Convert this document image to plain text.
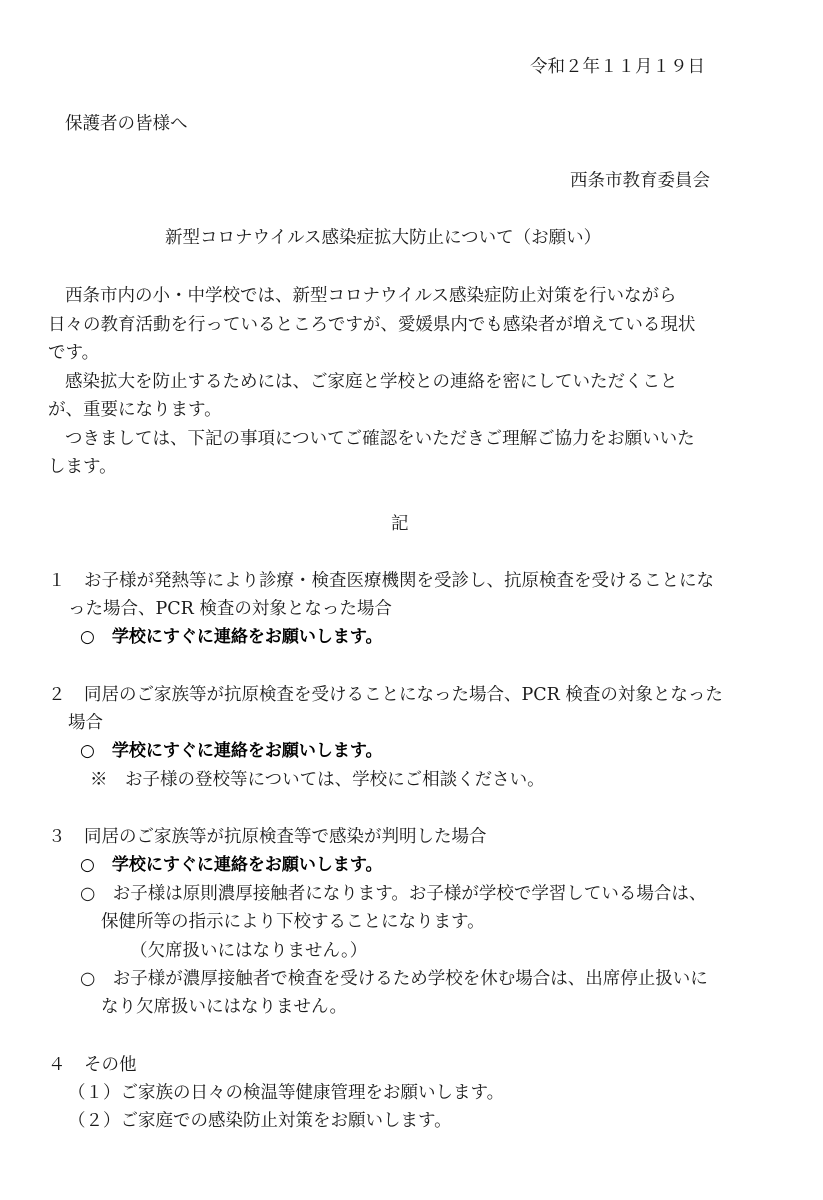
令和２年１１月１９日
保護者の皆様へ
西条市教育委員会
新型コロナウイルス感染症拡大防止について（お願い）
西条市内の小・中学校では、新型コロナウイルス感染症防止対策を行いながら
日々の教育活動を行っているところですが、愛媛県内でも感染者が増えている現状
です。
感染拡大を防止するためには、ご家庭と学校との連絡を密にしていただくこと
が、重要になります。
つきましては、下記の事項についてご確認をいただきご理解ご協力をお願いいた
します。
記
１ お子様が発熱等により診療・検査医療機関を受診し、抗原検査を受けることにな
った場合、PCR 検査の対象となった場合
○　学校にすぐに連絡をお願いします。
２ 同居のご家族等が抗原検査を受けることになった場合、PCR 検査の対象となった
場合
○　学校にすぐに連絡をお願いします。
※　お子様の登校等については、学校にご相談ください。
３ 同居のご家族等が抗原検査等で感染が判明した場合
○　学校にすぐに連絡をお願いします。
○　お子様は原則濃厚接触者になります。お子様が学校で学習している場合は、
保健所等の指示により下校することになります。
（欠席扱いにはなりません。）
○　お子様が濃厚接触者で検査を受けるため学校を休む場合は、出席停止扱いに
なり欠席扱いにはなりません。
４ その他
（１）ご家族の日々の検温等健康管理をお願いします。
（２）ご家庭での感染防止対策をお願いします。
